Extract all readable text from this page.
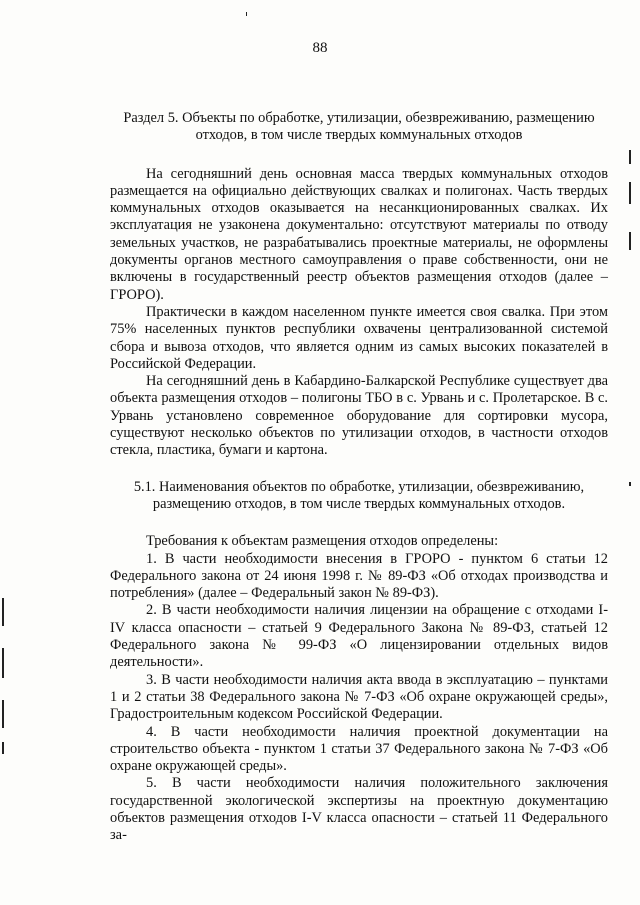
88

Раздел 5. Объекты по обработке, утилизации, обезвреживанию, размещению отходов, в том числе твердых коммунальных отходов

На сегодняшний день основная масса твердых коммунальных отходов размещается на официально действующих свалках и полигонах. Часть твердых коммунальных отходов оказывается на несанкционированных свалках. Их эксплуатация не узаконена документально: отсутствуют материалы по отводу земельных участков, не разрабатывались проектные материалы, не оформлены документы органов местного самоуправления о праве собственности, они не включены в государственный реестр объектов размещения отходов (далее – ГРОРО).

Практически в каждом населенном пункте имеется своя свалка. При этом 75% населенных пунктов республики охвачены централизованной системой сбора и вывоза отходов, что является одним из самых высоких показателей в Российской Федерации.

На сегодняшний день в Кабардино-Балкарской Республике существует два объекта размещения отходов – полигоны ТБО в с. Урвань и с. Пролетарское. В с. Урвань установлено современное оборудование для сортировки мусора, существуют несколько объектов по утилизации отходов, в частности отходов стекла, пластика, бумаги и картона.

5.1. Наименования объектов по обработке, утилизации, обезвреживанию, размещению отходов, в том числе твердых коммунальных отходов.

Требования к объектам размещения отходов определены:

1. В части необходимости внесения в ГРОРО - пунктом 6 статьи 12 Федерального закона от 24 июня 1998 г. № 89-ФЗ «Об отходах производства и потребления» (далее – Федеральный закон № 89-ФЗ).

2. В части необходимости наличия лицензии на обращение с отходами I-IV класса опасности – статьей 9 Федерального Закона № 89-ФЗ, статьей 12 Федерального закона № 99-ФЗ «О лицензировании отдельных видов деятельности».

3. В части необходимости наличия акта ввода в эксплуатацию – пунктами 1 и 2 статьи 38 Федерального закона № 7-ФЗ «Об охране окружающей среды», Градостроительным кодексом Российской Федерации.

4. В части необходимости наличия проектной документации на строительство объекта - пунктом 1 статьи 37 Федерального закона № 7-ФЗ «Об охране окружающей среды».

5. В части необходимости наличия положительного заключения государственной экологической экспертизы на проектную документацию объектов размещения отходов I-V класса опасности – статьей 11 Федерального за-
